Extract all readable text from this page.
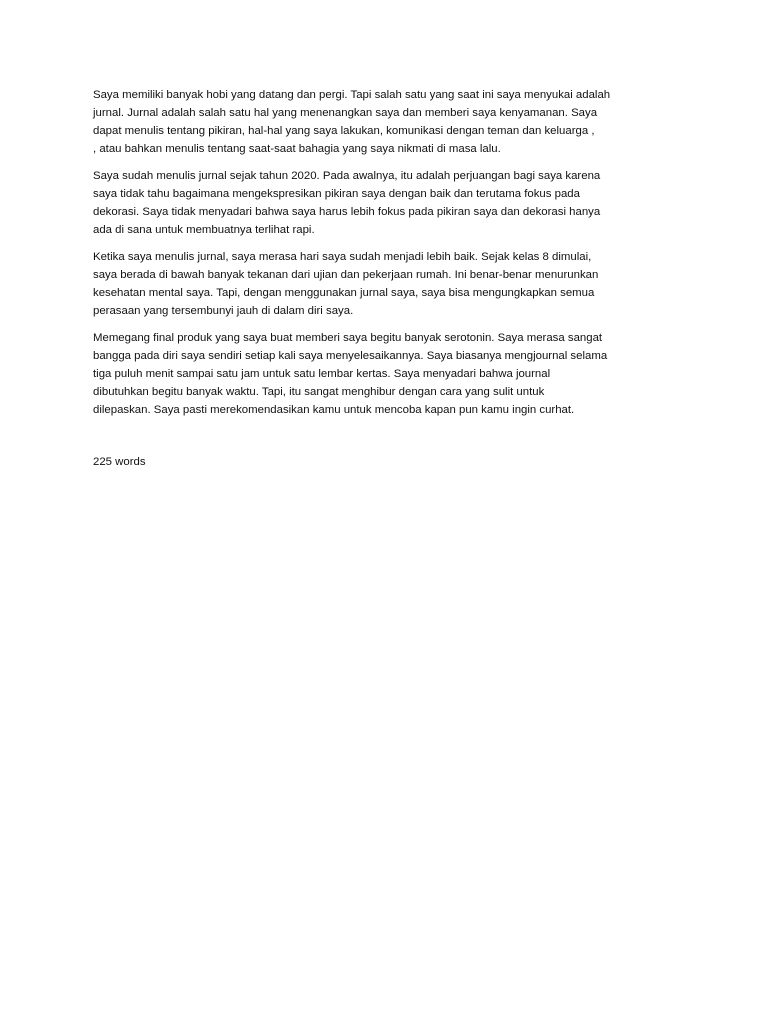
Saya memiliki banyak hobi yang datang dan pergi. Tapi salah satu yang saat ini saya menyukai adalah
jurnal. Jurnal adalah salah satu hal yang menenangkan saya dan memberi saya kenyamanan. Saya
dapat menulis tentang pikiran, hal-hal yang saya lakukan, komunikasi dengan teman dan keluarga ,
, atau bahkan menulis tentang saat-saat bahagia yang saya nikmati di masa lalu.

Saya sudah menulis jurnal sejak tahun 2020. Pada awalnya, itu adalah perjuangan bagi saya karena
saya tidak tahu bagaimana mengekspresikan pikiran saya dengan baik dan terutama fokus pada
dekorasi. Saya tidak menyadari bahwa saya harus lebih fokus pada pikiran saya dan dekorasi hanya
ada di sana untuk membuatnya terlihat rapi.

Ketika saya menulis jurnal, saya merasa hari saya sudah menjadi lebih baik. Sejak kelas 8 dimulai,
saya berada di bawah banyak tekanan dari ujian dan pekerjaan rumah. Ini benar-benar menurunkan
kesehatan mental saya. Tapi, dengan menggunakan jurnal saya, saya bisa mengungkapkan semua
perasaan yang tersembunyi jauh di dalam diri saya.

Memegang final produk yang saya buat memberi saya begitu banyak serotonin. Saya merasa sangat
bangga pada diri saya sendiri setiap kali saya menyelesaikannya. Saya biasanya mengjournal selama
tiga puluh menit sampai satu jam untuk satu lembar kertas. Saya menyadari bahwa journal
dibutuhkan begitu banyak waktu. Tapi, itu sangat menghibur dengan cara yang sulit untuk
dilepaskan. Saya pasti merekomendasikan kamu untuk mencoba kapan pun kamu ingin curhat.

225 words
